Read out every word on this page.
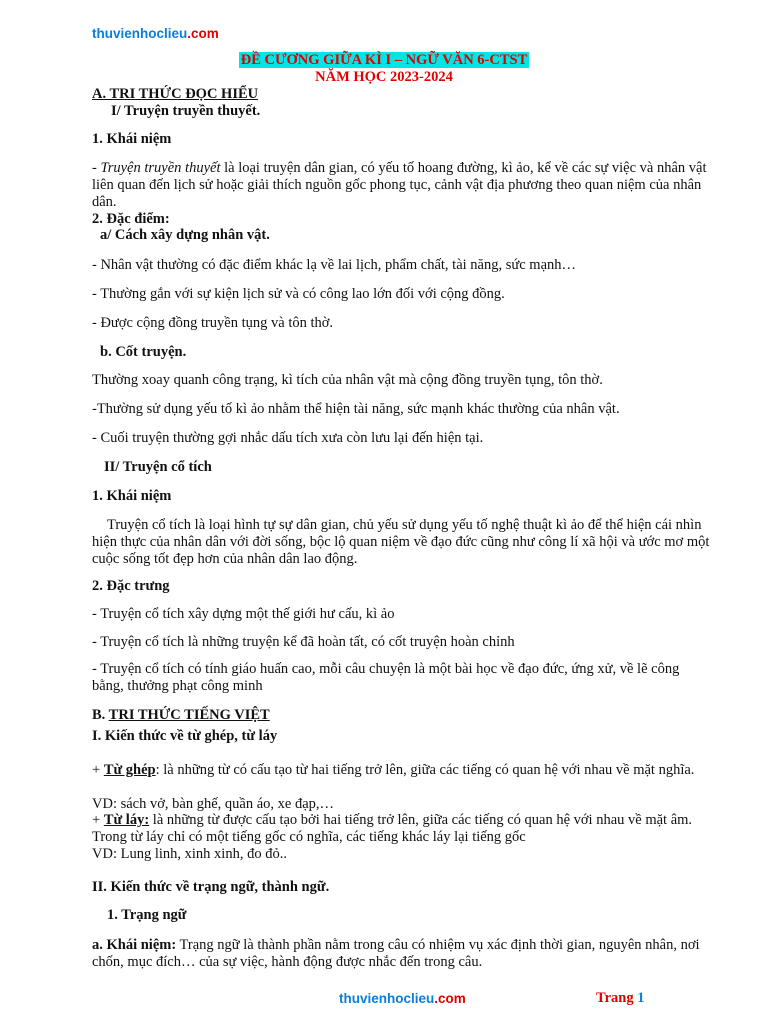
thuvienhoclieu.com
ĐỀ CƯƠNG GIỮA KÌ I – NGỮ VĂN 6-CTST
NĂM HỌC 2023-2024
A. TRI THỨC ĐỌC HIỂU
I/ Truyện truyền thuyết.
1. Khái niệm
- Truyện truyền thuyết là loại truyện dân gian, có yếu tố hoang đường, kì ảo, kể về các sự việc và nhân vật liên quan đến lịch sử hoặc giải thích nguồn gốc phong tục, cảnh vật địa phương theo quan niệm của nhân dân.
2. Đặc điểm:
a/ Cách xây dựng nhân vật.
- Nhân vật thường có đặc điểm khác lạ về lai lịch, phẩm chất, tài năng, sức mạnh…
- Thường gắn với sự kiện lịch sử và có công lao lớn đối với cộng đồng.
- Được cộng đồng truyền tụng và tôn thờ.
b. Cốt truyện.
Thường xoay quanh công trạng, kì tích của nhân vật mà cộng đồng truyền tụng, tôn thờ.
-Thường sử dụng yếu tố kì ảo nhằm thể hiện tài năng, sức mạnh khác thường của nhân vật.
- Cuối truyện thường gợi nhắc dấu tích xưa còn lưu lại đến hiện tại.
II/ Truyện cổ tích
1. Khái niệm
Truyện cổ tích là loại hình tự sự dân gian, chủ yếu sử dụng yếu tố nghệ thuật kì ảo để thể hiện cái nhìn hiện thực của nhân dân với đời sống, bộc lộ quan niệm về đạo đức cũng như công lí xã hội và ước mơ một cuộc sống tốt đẹp hơn của nhân dân lao động.
2. Đặc trưng
- Truyện cổ tích xây dựng một thế giới hư cấu, kì ảo
- Truyện cổ tích là những truyện kể đã hoàn tất, có cốt truyện hoàn chỉnh
- Truyện cổ tích có tính giáo huấn cao, mỗi câu chuyện là một bài học về đạo đức, ứng xử, về lẽ công bằng, thưởng phạt công minh
B. TRI THỨC TIẾNG VIỆT
I. Kiến thức về từ ghép, từ láy
+ Từ ghép: là những từ có cấu tạo từ hai tiếng trở lên, giữa các tiếng có quan hệ với nhau về mặt nghĩa.
VD: sách vở, bàn ghế, quần áo, xe đạp,…
+ Từ láy: là những từ được cấu tạo bởi hai tiếng trở lên, giữa các tiếng có quan hệ với nhau về mặt âm. Trong từ láy chỉ có một tiếng gốc có nghĩa, các tiếng khác láy lại tiếng gốc
VD: Lung linh, xinh xinh, đo đỏ..
II. Kiến thức về trạng ngữ, thành ngữ.
1. Trạng ngữ
a. Khái niệm: Trạng ngữ là thành phần nằm trong câu có nhiệm vụ xác định thời gian, nguyên nhân, nơi chốn, mục đích… của sự việc, hành động được nhắc đến trong câu.
thuvienhoclieu.com	Trang 1
